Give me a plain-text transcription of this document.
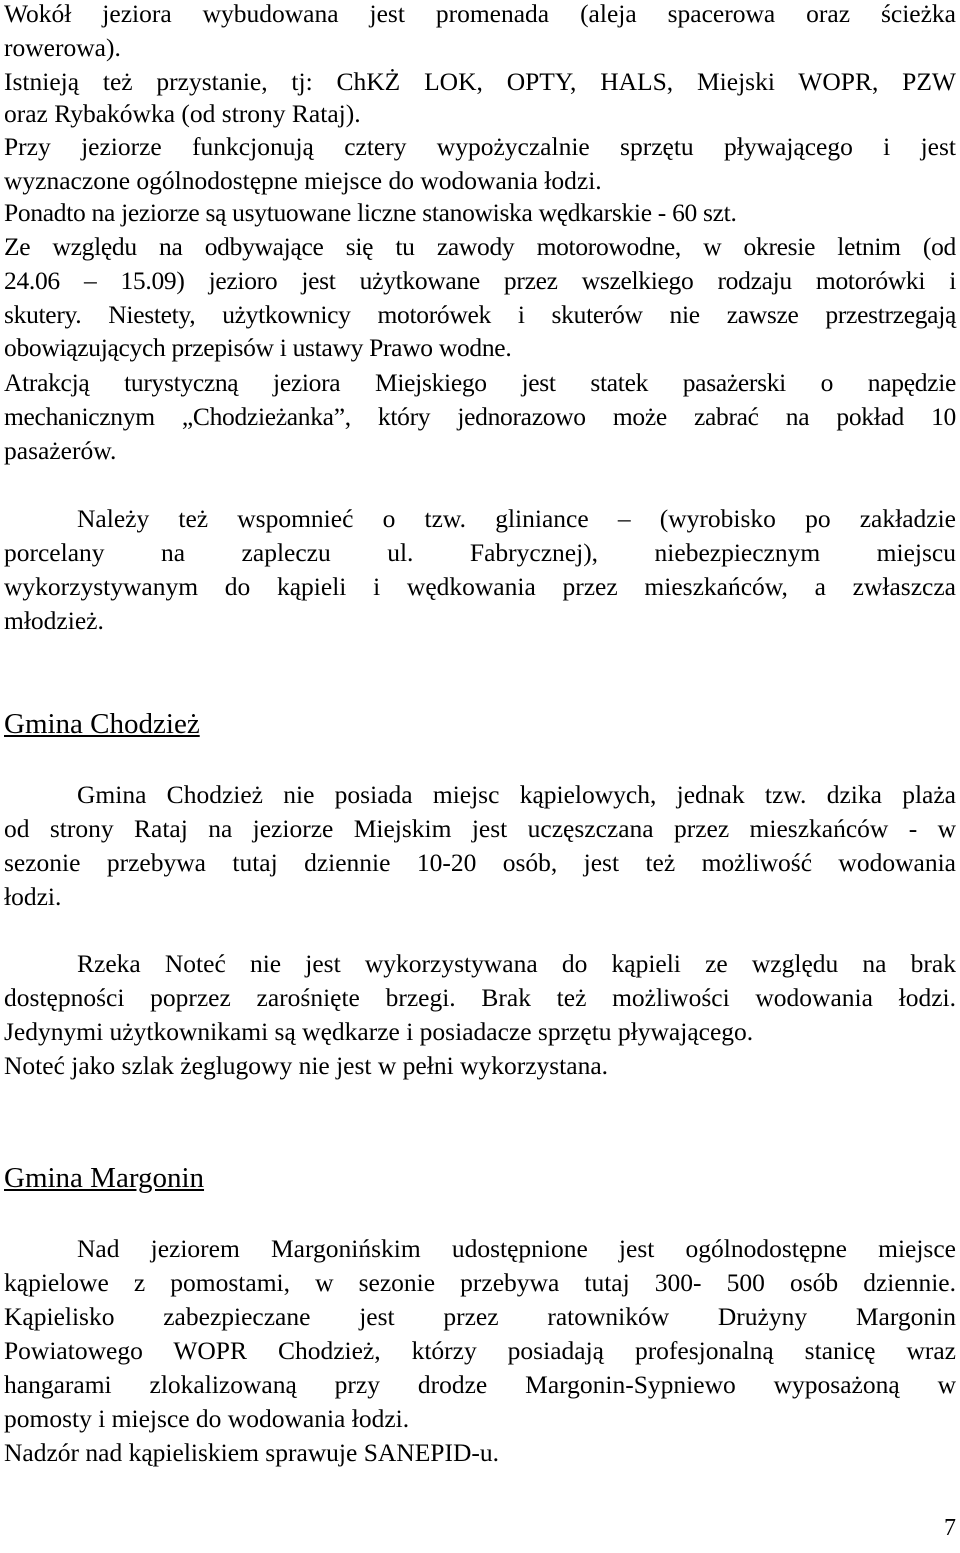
Wokół jeziora wybudowana jest promenada (aleja spacerowa oraz ścieżka
rowerowa).
Istnieją też przystanie, tj: ChKŻ LOK, OPTY, HALS, Miejski WOPR, PZW
oraz Rybakówka (od strony Rataj).
Przy jeziorze funkcjonują cztery wypożyczalnie sprzętu pływającego i jest
wyznaczone ogólnodostępne miejsce do wodowania łodzi.
Ponadto na jeziorze są usytuowane liczne stanowiska wędkarskie - 60 szt.
Ze względu na odbywające się tu zawody motorowodne, w okresie letnim (od
24.06 – 15.09) jezioro jest użytkowane przez wszelkiego rodzaju motorówki i
skutery. Niestety, użytkownicy motorówek i skuterów nie zawsze przestrzegają
obowiązujących przepisów i ustawy Prawo wodne.
Atrakcją turystyczną jeziora Miejskiego jest statek pasażerski o napędzie
mechanicznym „Chodzieżanka”, który jednorazowo może zabrać na pokład 10
pasażerów.
Należy też wspomnieć o tzw. gliniance – (wyrobisko po zakładzie
porcelany na zapleczu ul. Fabrycznej), niebezpiecznym miejscu
wykorzystywanym do kąpieli i wędkowania przez mieszkańców, a zwłaszcza
młodzież.
Gmina Chodzież
Gmina Chodzież nie posiada miejsc kąpielowych, jednak tzw. dzika plaża
od strony Rataj na jeziorze Miejskim jest uczęszczana przez mieszkańców - w
sezonie przebywa tutaj dziennie 10-20 osób, jest też możliwość wodowania
łodzi.
Rzeka Noteć nie jest wykorzystywana do kąpieli ze względu na brak
dostępności poprzez zarośnięte brzegi. Brak też możliwości wodowania łodzi.
Jedynymi użytkownikami są wędkarze i posiadacze sprzętu pływającego.
Noteć jako szlak żeglugowy nie jest w pełni wykorzystana.
Gmina Margonin
Nad jeziorem Margonińskim udostępnione jest ogólnodostępne miejsce
kąpielowe z pomostami, w sezonie przebywa tutaj 300- 500 osób dziennie.
Kąpielisko zabezpieczane jest przez ratowników Drużyny Margonin
Powiatowego WOPR Chodzież, którzy posiadają profesjonalną stanicę wraz
hangarami zlokalizowaną przy drodze Margonin-Sypniewo wyposażoną w
pomosty i miejsce do wodowania łodzi.
Nadzór nad kąpieliskiem sprawuje SANEPID-u.
7
